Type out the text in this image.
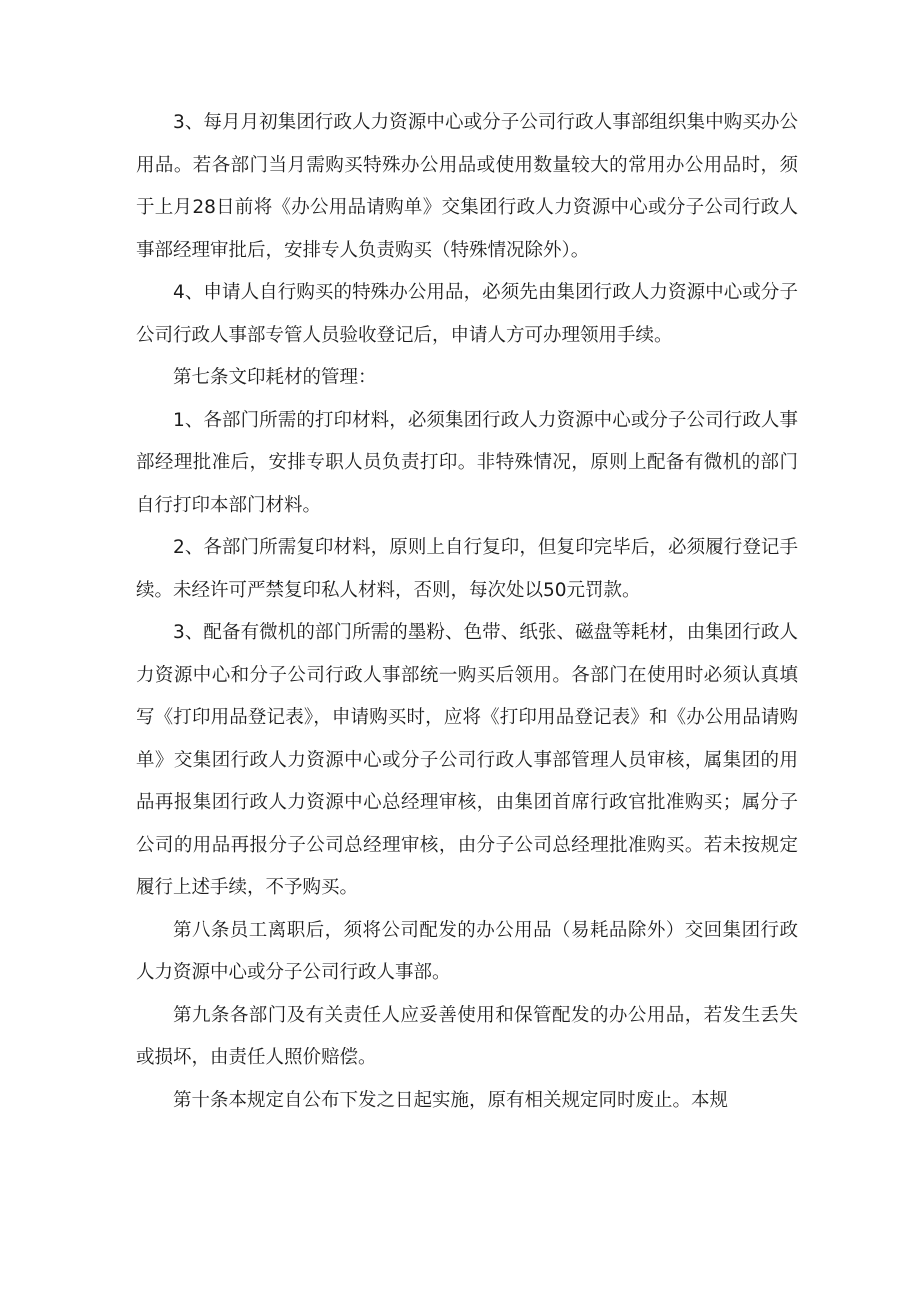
3、每月月初集团行政人力资源中心或分子公司行政人事部组织集中购买办公用品。若各部门当月需购买特殊办公用品或使用数量较大的常用办公用品时，须于上月28日前将《办公用品请购单》交集团行政人力资源中心或分子公司行政人事部经理审批后，安排专人负责购买（特殊情况除外）。

4、申请人自行购买的特殊办公用品，必须先由集团行政人力资源中心或分子公司行政人事部专管人员验收登记后，申请人方可办理领用手续。

第七条文印耗材的管理：

1、各部门所需的打印材料，必须集团行政人力资源中心或分子公司行政人事部经理批准后，安排专职人员负责打印。非特殊情况，原则上配备有微机的部门自行打印本部门材料。

2、各部门所需复印材料，原则上自行复印，但复印完毕后，必须履行登记手续。未经许可严禁复印私人材料，否则，每次处以50元罚款。

3、配备有微机的部门所需的墨粉、色带、纸张、磁盘等耗材，由集团行政人力资源中心和分子公司行政人事部统一购买后领用。各部门在使用时必须认真填写《打印用品登记表》，申请购买时，应将《打印用品登记表》和《办公用品请购单》交集团行政人力资源中心或分子公司行政人事部管理人员审核，属集团的用品再报集团行政人力资源中心总经理审核，由集团首席行政官批准购买；属分子公司的用品再报分子公司总经理审核，由分子公司总经理批准购买。若未按规定履行上述手续，不予购买。

第八条员工离职后，须将公司配发的办公用品（易耗品除外）交回集团行政人力资源中心或分子公司行政人事部。

第九条各部门及有关责任人应妥善使用和保管配发的办公用品，若发生丢失或损坏，由责任人照价赔偿。

第十条本规定自公布下发之日起实施，原有相关规定同时废止。本规
